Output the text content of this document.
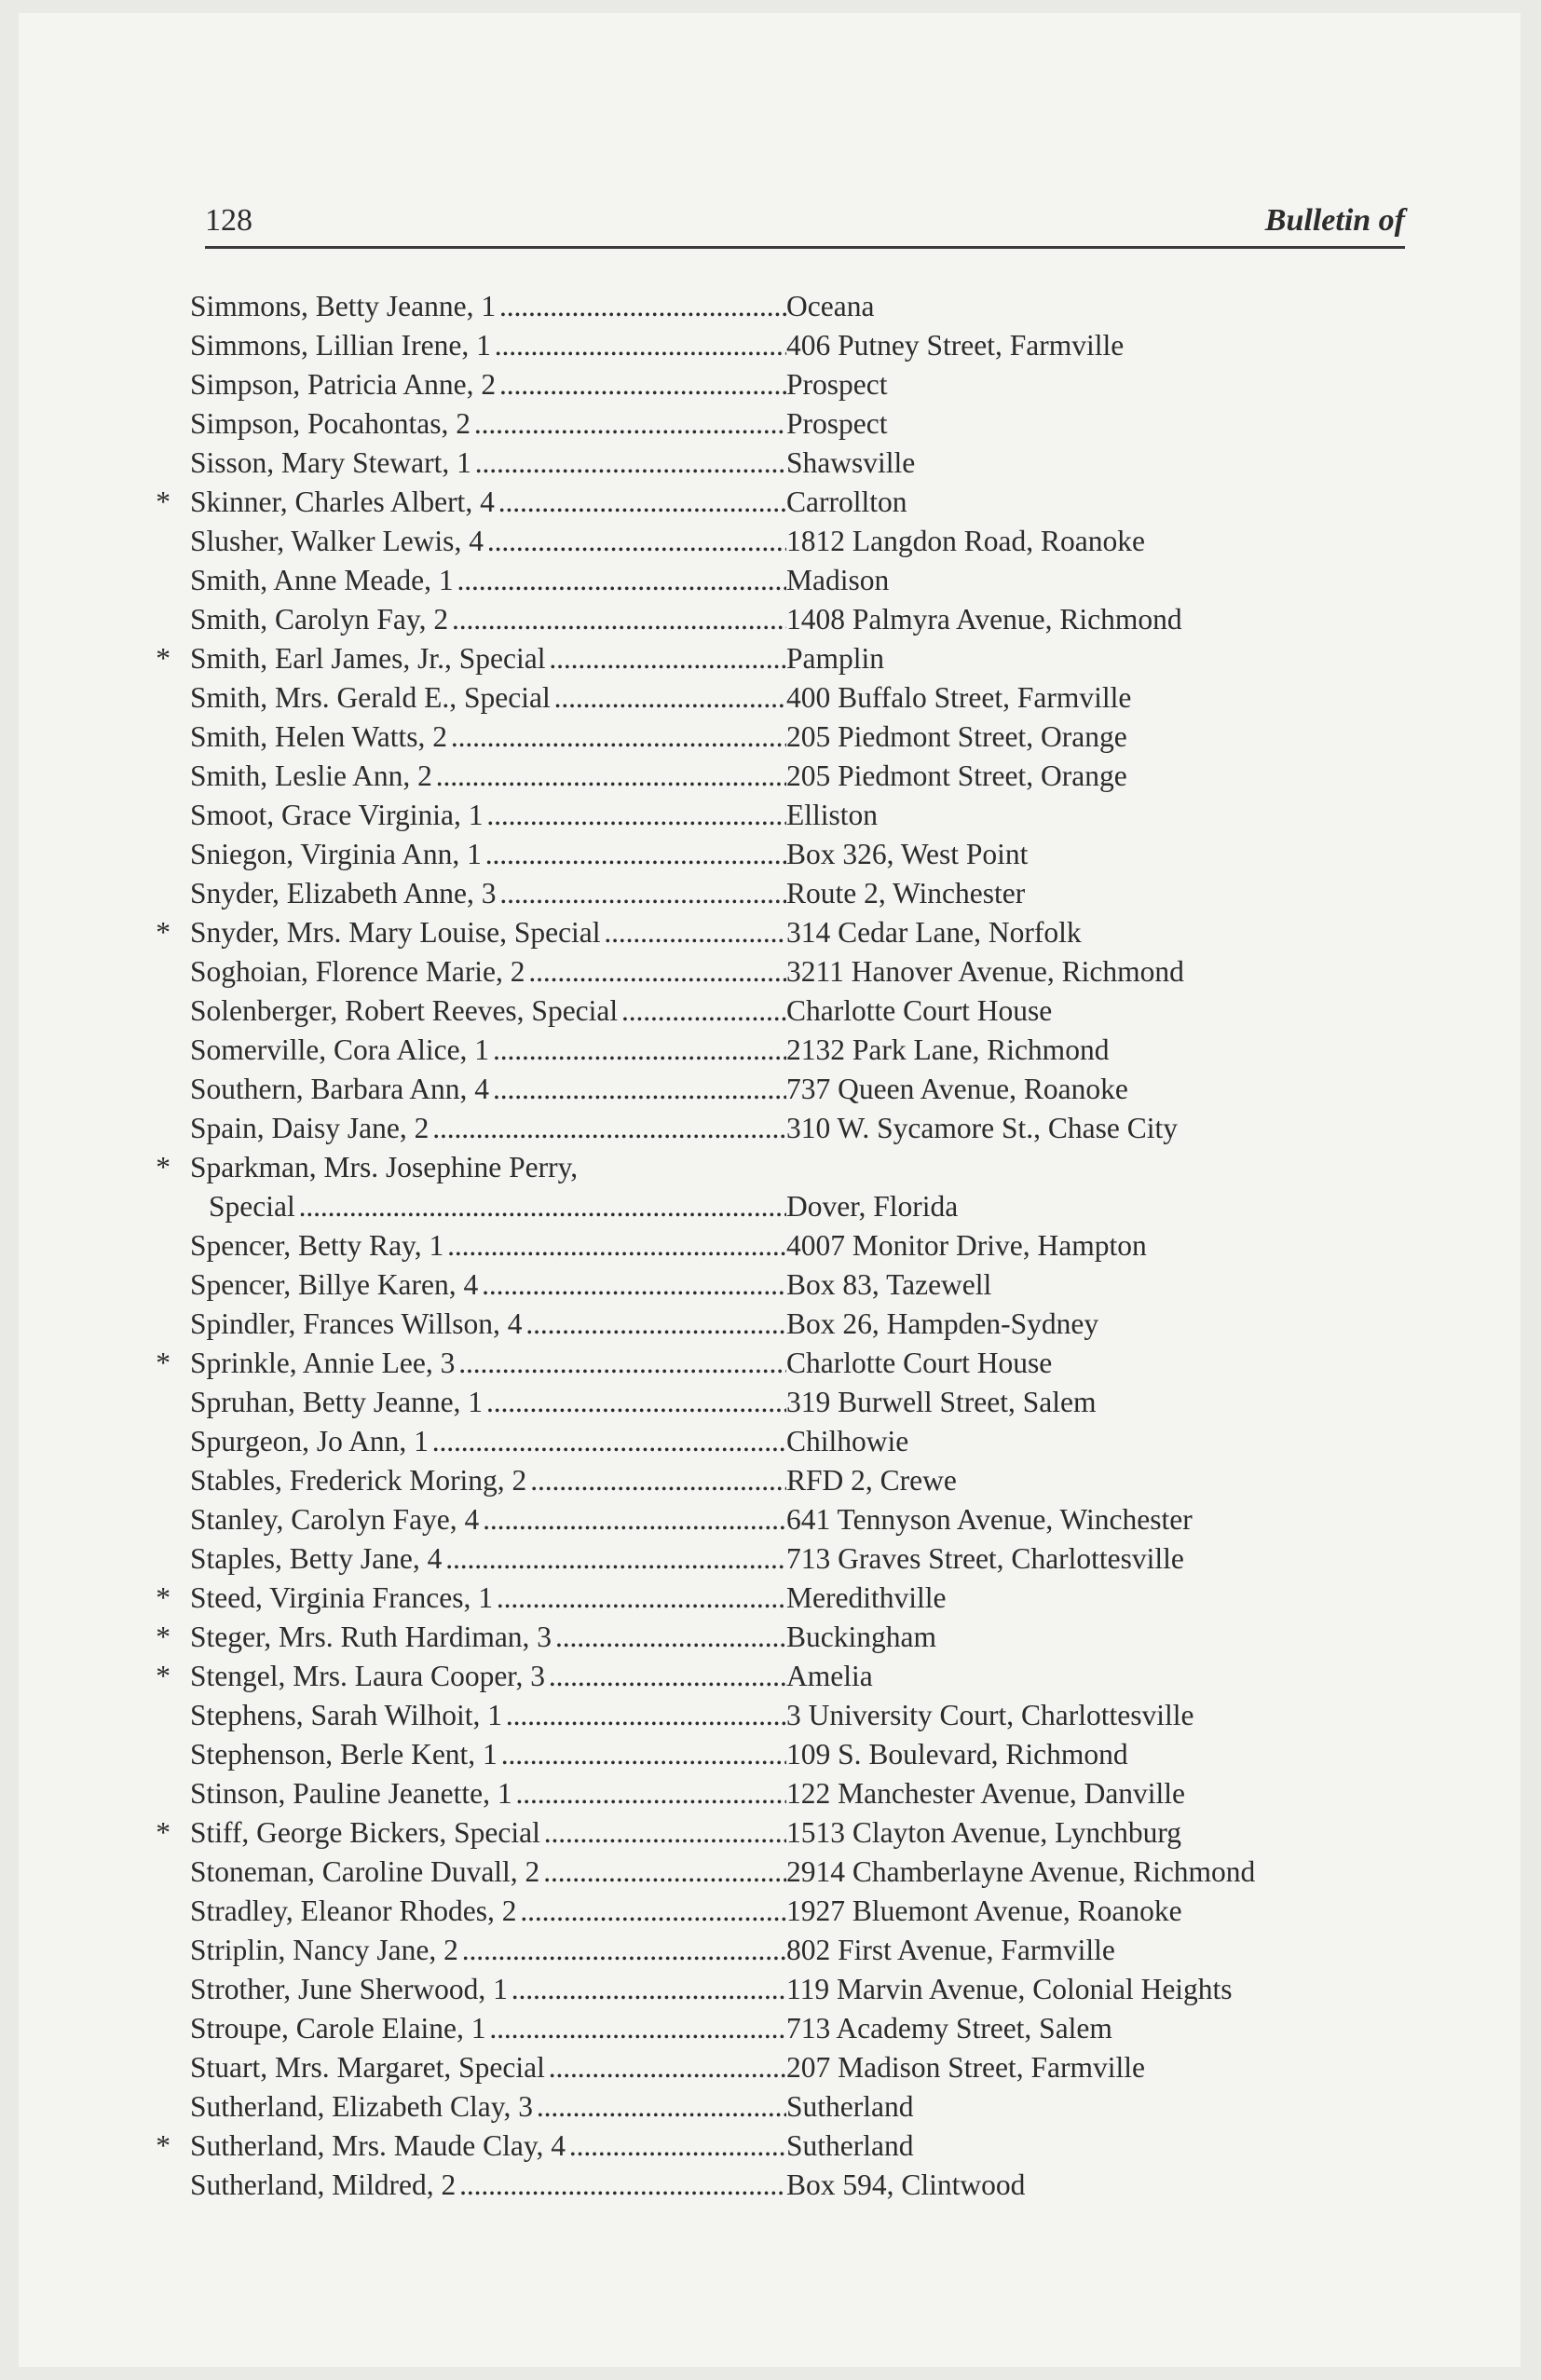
128	Bulletin of
Simmons, Betty Jeanne, 1 . . .	Oceana
Simmons, Lillian Irene, 1 . . .	406 Putney Street, Farmville
Simpson, Patricia Anne, 2 . . .	Prospect
Simpson, Pocahontas, 2 . . .	Prospect
Sisson, Mary Stewart, 1 . . .	Shawsville
* Skinner, Charles Albert, 4 . . .	Carrollton
Slusher, Walker Lewis, 4 . . .	1812 Langdon Road, Roanoke
Smith, Anne Meade, 1 . . .	Madison
Smith, Carolyn Fay, 2 . . .	1408 Palmyra Avenue, Richmond
* Smith, Earl James, Jr., Special . . .	Pamplin
Smith, Mrs. Gerald E., Special . . .	400 Buffalo Street, Farmville
Smith, Helen Watts, 2 . . .	205 Piedmont Street, Orange
Smith, Leslie Ann, 2 . . .	205 Piedmont Street, Orange
Smoot, Grace Virginia, 1 . . .	Elliston
Sniegon, Virginia Ann, 1 . . .	Box 326, West Point
Snyder, Elizabeth Anne, 3 . . .	Route 2, Winchester
* Snyder, Mrs. Mary Louise, Special . . .	314 Cedar Lane, Norfolk
Soghoian, Florence Marie, 2 . . .	3211 Hanover Avenue, Richmond
Solenberger, Robert Reeves, Special . . .	Charlotte Court House
Somerville, Cora Alice, 1 . . .	2132 Park Lane, Richmond
Southern, Barbara Ann, 4 . . .	737 Queen Avenue, Roanoke
Spain, Daisy Jane, 2 . . .	310 W. Sycamore St., Chase City
* Sparkman, Mrs. Josephine Perry,
Special . . .	Dover, Florida
Spencer, Betty Ray, 1 . . .	4007 Monitor Drive, Hampton
Spencer, Billye Karen, 4 . . .	Box 83, Tazewell
Spindler, Frances Willson, 4 . . .	Box 26, Hampden-Sydney
* Sprinkle, Annie Lee, 3 . . .	Charlotte Court House
Spruhan, Betty Jeanne, 1 . . .	319 Burwell Street, Salem
Spurgeon, Jo Ann, 1 . . .	Chilhowie
Stables, Frederick Moring, 2 . . .	RFD 2, Crewe
Stanley, Carolyn Faye, 4 . . .	641 Tennyson Avenue, Winchester
Staples, Betty Jane, 4 . . .	713 Graves Street, Charlottesville
* Steed, Virginia Frances, 1 . . .	Meredithville
* Steger, Mrs. Ruth Hardiman, 3 . . .	Buckingham
* Stengel, Mrs. Laura Cooper, 3 . . .	Amelia
Stephens, Sarah Wilhoit, 1 . . .	3 University Court, Charlottesville
Stephenson, Berle Kent, 1 . . .	109 S. Boulevard, Richmond
Stinson, Pauline Jeanette, 1 . . .	122 Manchester Avenue, Danville
* Stiff, George Bickers, Special . . .	1513 Clayton Avenue, Lynchburg
Stoneman, Caroline Duvall, 2 . . .	2914 Chamberlayne Avenue, Richmond
Stradley, Eleanor Rhodes, 2 . . .	1927 Bluemont Avenue, Roanoke
Striplin, Nancy Jane, 2 . . .	802 First Avenue, Farmville
Strother, June Sherwood, 1 . . .	119 Marvin Avenue, Colonial Heights
Stroupe, Carole Elaine, 1 . . .	713 Academy Street, Salem
Stuart, Mrs. Margaret, Special . . .	207 Madison Street, Farmville
Sutherland, Elizabeth Clay, 3 . . .	Sutherland
* Sutherland, Mrs. Maude Clay, 4 . . .	Sutherland
Sutherland, Mildred, 2 . . .	Box 594, Clintwood
